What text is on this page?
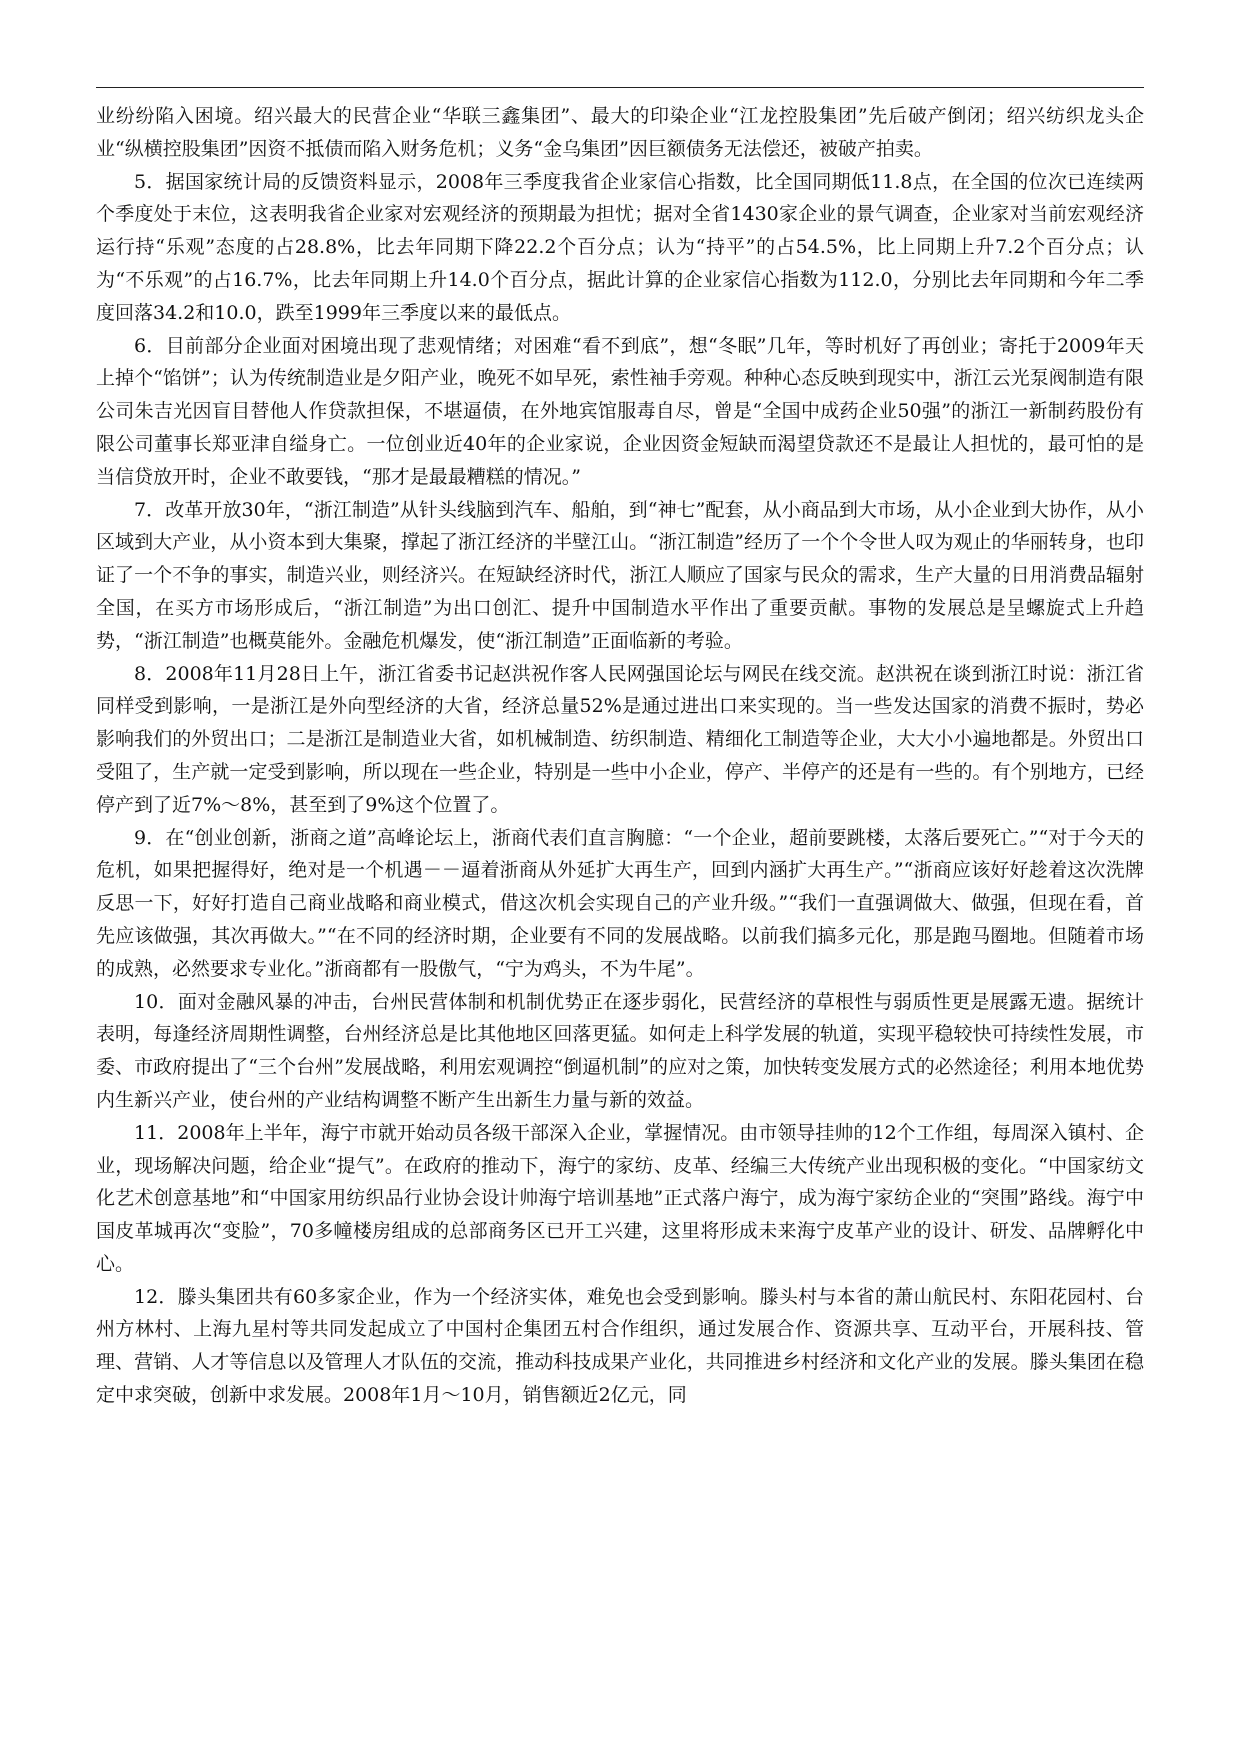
业纷纷陷入困境。绍兴最大的民营企业“华联三鑫集团”、最大的印染企业“江龙控股集团”先后破产倒闭；绍兴纺织龙头企业“纵横控股集团”因资不抵债而陷入财务危机；义务“金乌集团”因巨额债务无法偿还，被破产拍卖。

5．据国家统计局的反馈资料显示，2008年三季度我省企业家信心指数，比全国同期低11.8点，在全国的位次已连续两个季度处于末位，这表明我省企业家对宏观经济的预期最为担忧；据对全省1430家企业的景气调查，企业家对当前宏观经济运行持“乐观”态度的占28.8%，比去年同期下降22.2个百分点；认为“持平”的占54.5%，比上同期上升7.2个百分点；认为“不乐观”的占16.7%，比去年同期上升14.0个百分点，据此计算的企业家信心指数为112.0，分别比去年同期和今年二季度回落34.2和10.0，跌至1999年三季度以来的最低点。

6．目前部分企业面对困境出现了悲观情绪；对困难“看不到底”，想“冬眠”几年，等时机好了再创业；寄托于2009年天上掉个“馅饼”；认为传统制造业是夕阳产业，晚死不如早死，索性袖手旁观。种种心态反映到现实中，浙江云光泵阀制造有限公司朱吉光因盲目替他人作贷款担保，不堪逼债，在外地宾馆服毒自尽，曾是“全国中成药企业50强”的浙江一新制药股份有限公司董事长郑亚津自缢身亡。一位创业近40年的企业家说，企业因资金短缺而渴望贷款还不是最让人担忧的，最可怕的是当信贷放开时，企业不敢要钱，“那才是最最糟糕的情况。”

7．改革开放30年，“浙江制造”从针头线脑到汽车、船舶，到“神七”配套，从小商品到大市场，从小企业到大协作，从小区域到大产业，从小资本到大集聚，撑起了浙江经济的半壁江山。“浙江制造”经历了一个个令世人叹为观止的华丽转身，也印证了一个不争的事实，制造兴业，则经济兴。在短缺经济时代，浙江人顺应了国家与民众的需求，生产大量的日用消费品辐射全国，在买方市场形成后，“浙江制造”为出口创汇、提升中国制造水平作出了重要贡献。事物的发展总是呈螺旋式上升趋势，“浙江制造”也概莫能外。金融危机爆发，使“浙江制造”正面临新的考验。

8．2008年11月28日上午，浙江省委书记赵洪祝作客人民网强国论坛与网民在线交流。赵洪祝在谈到浙江时说：浙江省同样受到影响，一是浙江是外向型经济的大省，经济总量52%是通过进出口来实现的。当一些发达国家的消费不振时，势必影响我们的外贸出口；二是浙江是制造业大省，如机械制造、纺织制造、精细化工制造等企业，大大小小遍地都是。外贸出口受阻了，生产就一定受到影响，所以现在一些企业，特别是一些中小企业，停产、半停产的还是有一些的。有个别地方，已经停产到了近7%～8%，甚至到了9%这个位置了。

9．在“创业创新，浙商之道”高峰论坛上，浙商代表们直言胸臆：“一个企业，超前要跳楼，太落后要死亡。”“对于今天的危机，如果把握得好，绝对是一个机遇－－逼着浙商从外延扩大再生产，回到内涵扩大再生产。”“浙商应该好好趁着这次洗牌反思一下，好好打造自己商业战略和商业模式，借这次机会实现自己的产业升级。”“我们一直强调做大、做强，但现在看，首先应该做强，其次再做大。”“在不同的经济时期，企业要有不同的发展战略。以前我们搞多元化，那是跑马圈地。但随着市场的成熟，必然要求专业化。”浙商都有一股傲气，“宁为鸡头，不为牛尾”。

10．面对金融风暴的冲击，台州民营体制和机制优势正在逐步弱化，民营经济的草根性与弱质性更是展露无遗。据统计表明，每逢经济周期性调整，台州经济总是比其他地区回落更猛。如何走上科学发展的轨道，实现平稳较快可持续性发展，市委、市政府提出了“三个台州”发展战略，利用宏观调控“倒逼机制”的应对之策，加快转变发展方式的必然途径；利用本地优势内生新兴产业，使台州的产业结构调整不断产生出新生力量与新的效益。

11．2008年上半年，海宁市就开始动员各级干部深入企业，掌握情况。由市领导挂帅的12个工作组，每周深入镇村、企业，现场解决问题，给企业“提气”。在政府的推动下，海宁的家纺、皮革、经编三大传统产业出现积极的变化。“中国家纺文化艺术创意基地”和“中国家用纺织品行业协会设计帅海宁培训基地”正式落户海宁，成为海宁家纺企业的“突围”路线。海宁中国皮革城再次“变脸”，70多幢楼房组成的总部商务区已开工兴建，这里将形成未来海宁皮革产业的设计、研发、品牌孵化中心。

12．滕头集团共有60多家企业，作为一个经济实体，难免也会受到影响。滕头村与本省的萧山航民村、东阳花园村、台州方林村、上海九星村等共同发起成立了中国村企集团五村合作组织，通过发展合作、资源共享、互动平台，开展科技、管理、营销、人才等信息以及管理人才队伍的交流，推动科技成果产业化，共同推进乡村经济和文化产业的发展。滕头集团在稳定中求突破，创新中求发展。2008年1月～10月，销售额近2亿元，同
